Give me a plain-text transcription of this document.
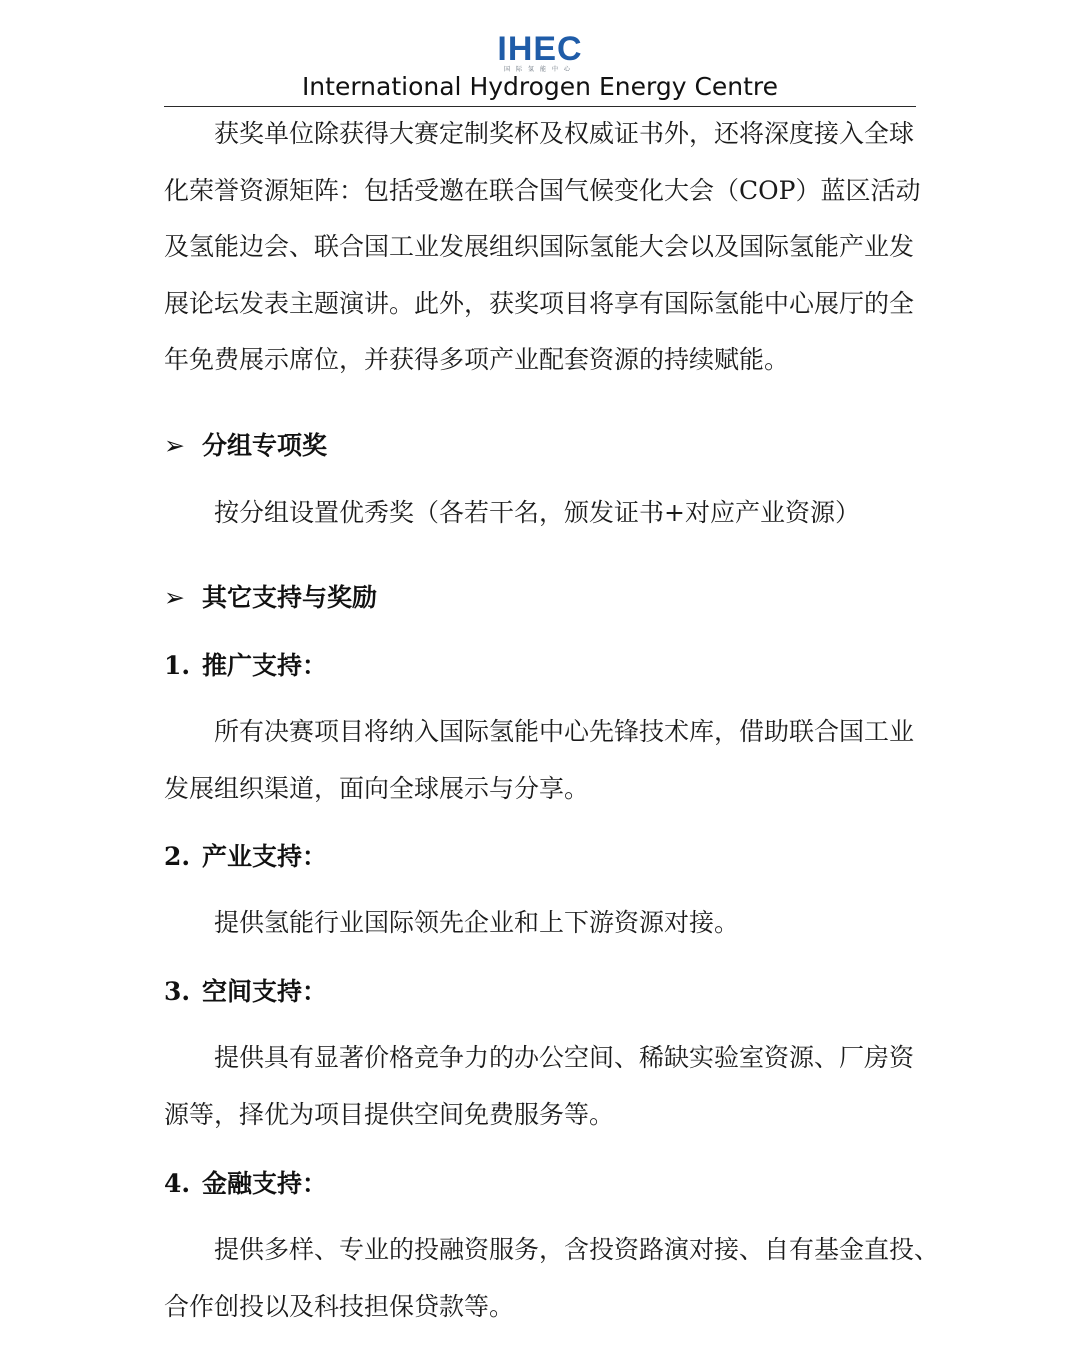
IHEC
国际氢能中心
International Hydrogen Energy Centre
获奖单位除获得大赛定制奖杯及权威证书外，还将深度接入全球
化荣誉资源矩阵：包括受邀在联合国气候变化大会（COP）蓝区活动
及氢能边会、联合国工业发展组织国际氢能大会以及国际氢能产业发
展论坛发表主题演讲。此外，获奖项目将享有国际氢能中心展厅的全
年免费展示席位，并获得多项产业配套资源的持续赋能。
➢ 分组专项奖
按分组设置优秀奖（各若干名，颁发证书+对应产业资源）
➢ 其它支持与奖励
1. 推广支持：
所有决赛项目将纳入国际氢能中心先锋技术库，借助联合国工业
发展组织渠道，面向全球展示与分享。
2. 产业支持：
提供氢能行业国际领先企业和上下游资源对接。
3. 空间支持：
提供具有显著价格竞争力的办公空间、稀缺实验室资源、厂房资
源等，择优为项目提供空间免费服务等。
4. 金融支持：
提供多样、专业的投融资服务，含投资路演对接、自有基金直投、
合作创投以及科技担保贷款等。
